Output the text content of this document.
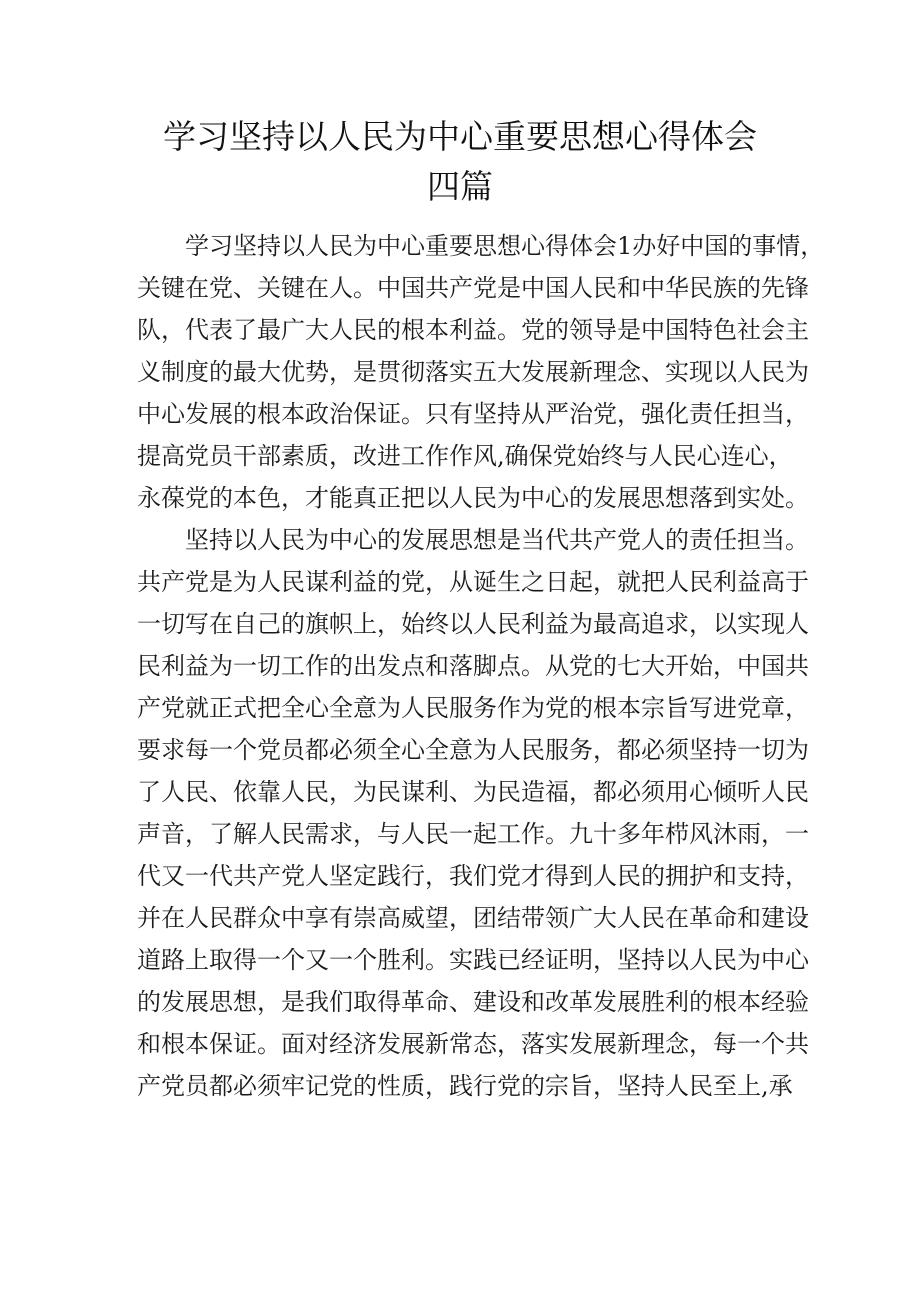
学习坚持以人民为中心重要思想心得体会
四篇

学习坚持以人民为中心重要思想心得体会1办好中国的事情，
关键在党、关键在人。中国共产党是中国人民和中华民族的先锋
队，代表了最广大人民的根本利益。党的领导是中国特色社会主
义制度的最大优势，是贯彻落实五大发展新理念、实现以人民为
中心发展的根本政治保证。只有坚持从严治党，强化责任担当，
提高党员干部素质，改进工作作风,确保党始终与人民心连心，
永葆党的本色，才能真正把以人民为中心的发展思想落到实处。

坚持以人民为中心的发展思想是当代共产党人的责任担当。
共产党是为人民谋利益的党，从诞生之日起，就把人民利益高于
一切写在自己的旗帜上，始终以人民利益为最高追求，以实现人
民利益为一切工作的出发点和落脚点。从党的七大开始，中国共
产党就正式把全心全意为人民服务作为党的根本宗旨写进党章，
要求每一个党员都必须全心全意为人民服务，都必须坚持一切为
了人民、依靠人民，为民谋利、为民造福，都必须用心倾听人民
声音，了解人民需求，与人民一起工作。九十多年栉风沐雨，一
代又一代共产党人坚定践行，我们党才得到人民的拥护和支持，
并在人民群众中享有崇高威望，团结带领广大人民在革命和建设
道路上取得一个又一个胜利。实践已经证明，坚持以人民为中心
的发展思想，是我们取得革命、建设和改革发展胜利的根本经验
和根本保证。面对经济发展新常态，落实发展新理念，每一个共
产党员都必须牢记党的性质，践行党的宗旨，坚持人民至上,承
